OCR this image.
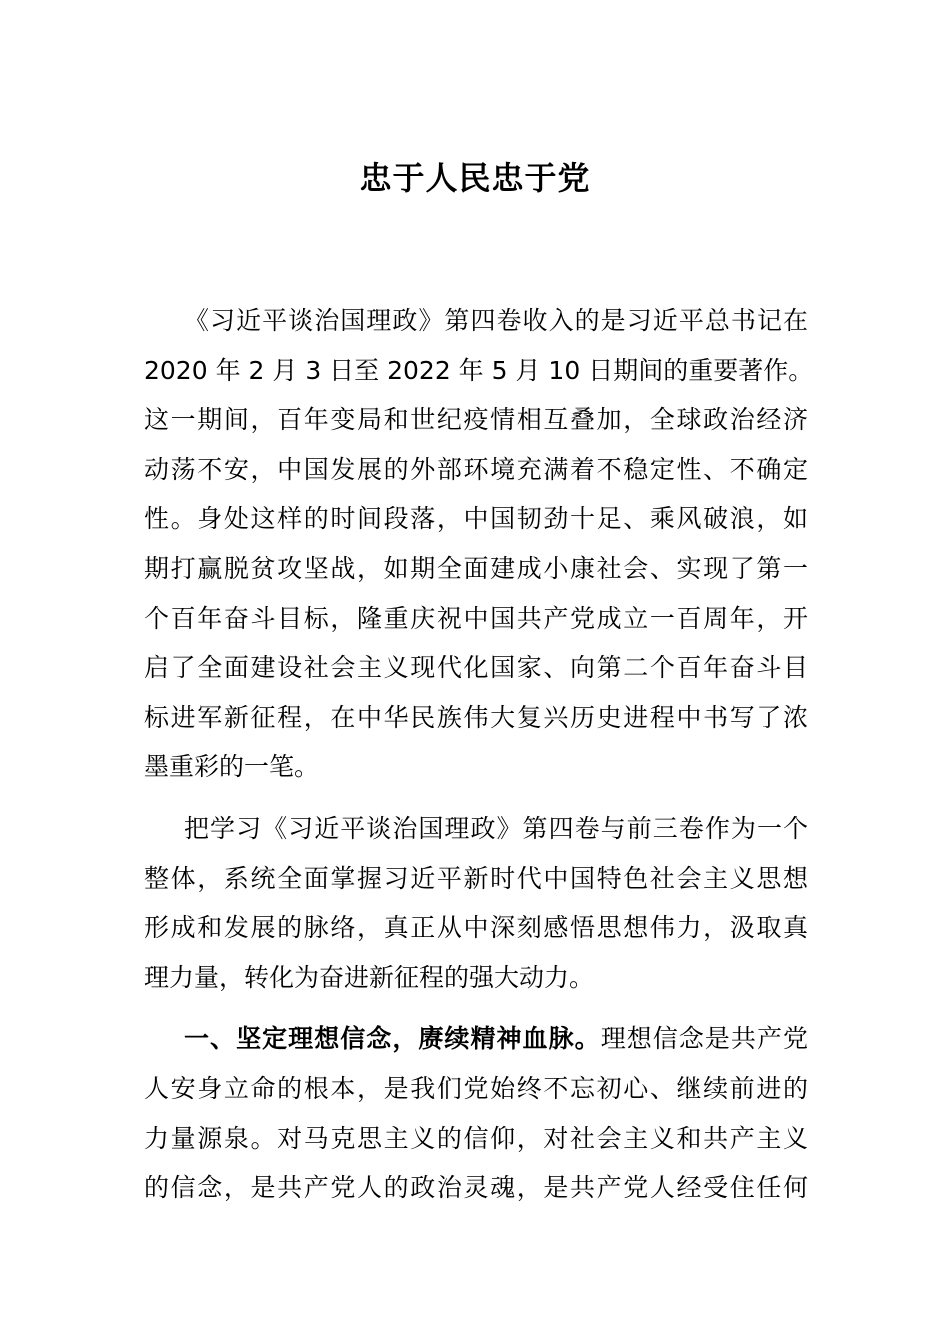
忠于人民忠于党

《习近平谈治国理政》第四卷收入的是习近平总书记在
2020 年 2 月 3 日至 2022 年 5 月 10 日期间的重要著作。
这一期间，百年变局和世纪疫情相互叠加，全球政治经济
动荡不安，中国发展的外部环境充满着不稳定性、不确定
性。身处这样的时间段落，中国韧劲十足、乘风破浪，如
期打赢脱贫攻坚战，如期全面建成小康社会、实现了第一
个百年奋斗目标，隆重庆祝中国共产党成立一百周年，开
启了全面建设社会主义现代化国家、向第二个百年奋斗目
标进军新征程，在中华民族伟大复兴历史进程中书写了浓
墨重彩的一笔。

把学习《习近平谈治国理政》第四卷与前三卷作为一个
整体，系统全面掌握习近平新时代中国特色社会主义思想
形成和发展的脉络，真正从中深刻感悟思想伟力，汲取真
理力量，转化为奋进新征程的强大动力。

一、坚定理想信念，赓续精神血脉。理想信念是共产党
人安身立命的根本，是我们党始终不忘初心、继续前进的
力量源泉。对马克思主义的信仰，对社会主义和共产主义
的信念，是共产党人的政治灵魂，是共产党人经受住任何
